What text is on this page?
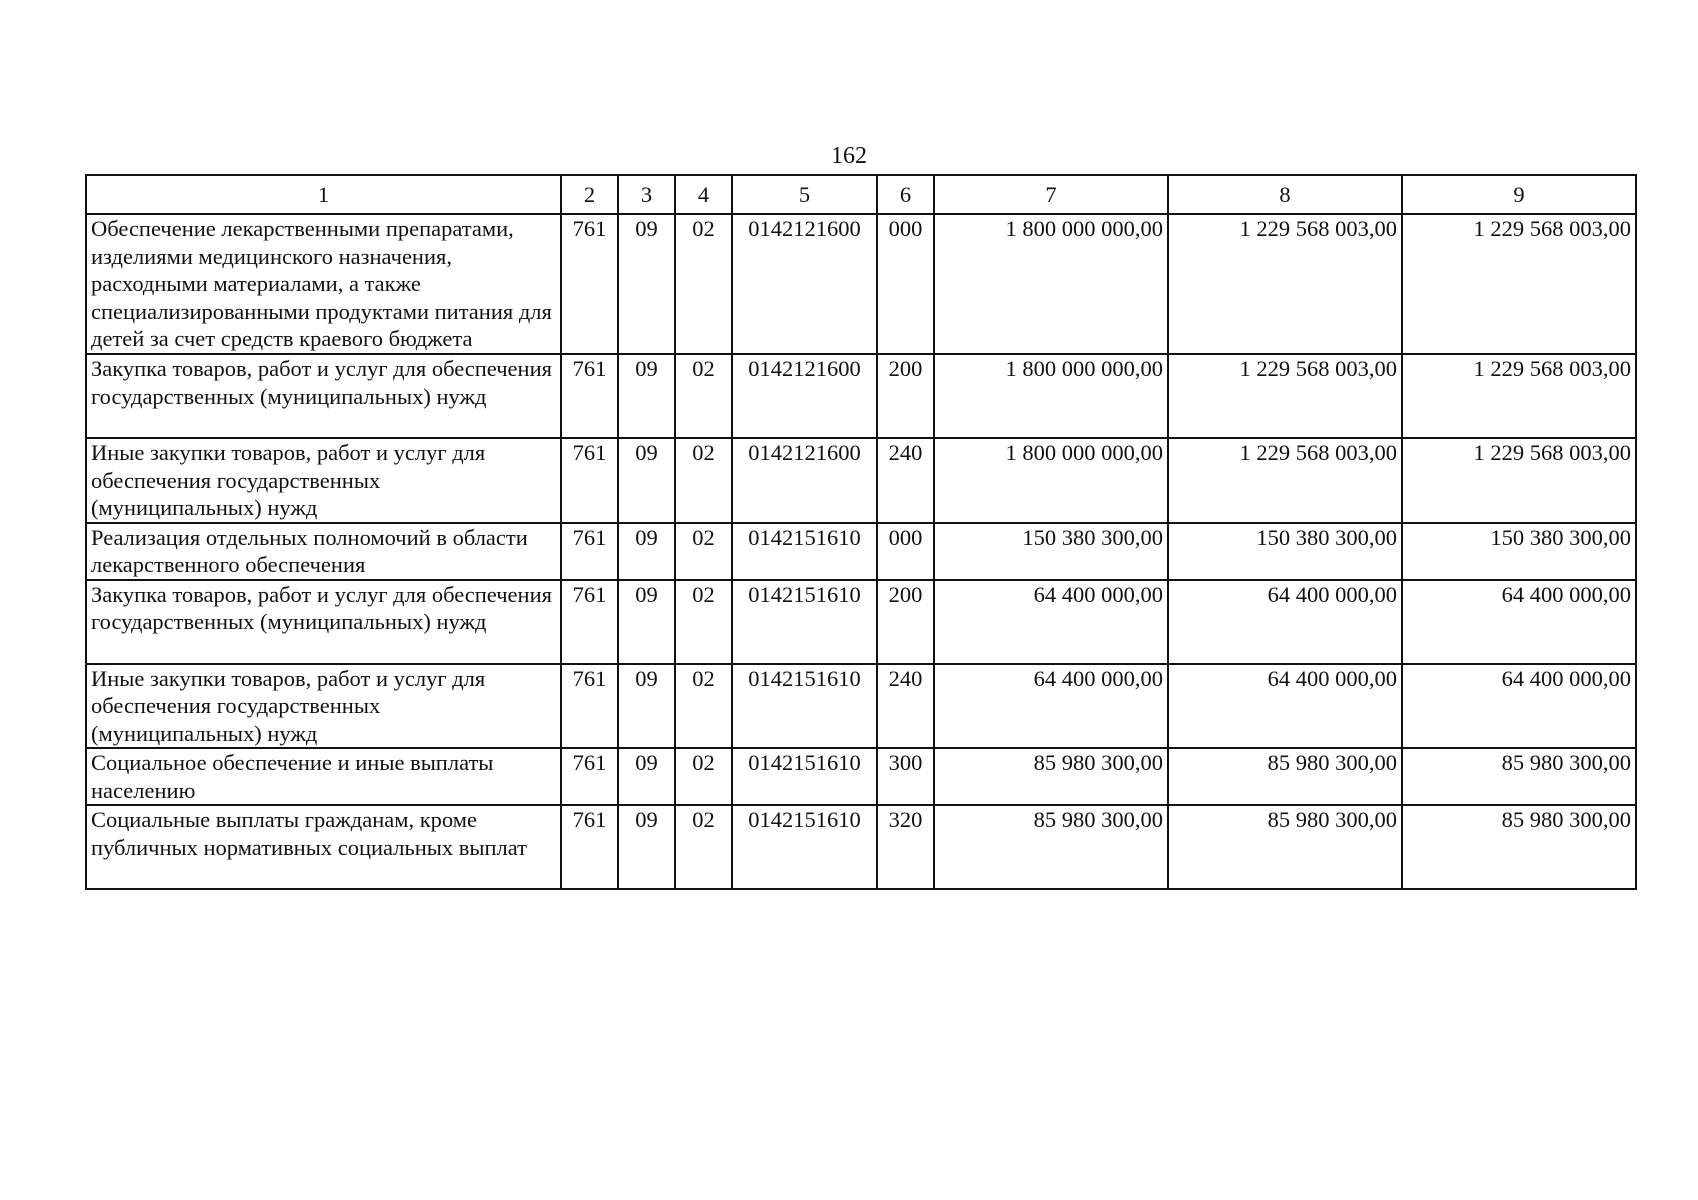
162
1	2	3	4	5	6	7	8	9
Обеспечение лекарственными препаратами, изделиями медицинского назначения, расходными материалами, а также специализированными продуктами питания для детей за счет средств краевого бюджета	761	09	02	0142121600	000	1 800 000 000,00	1 229 568 003,00	1 229 568 003,00
Закупка товаров, работ и услуг для обеспечения государственных (муниципальных) нужд	761	09	02	0142121600	200	1 800 000 000,00	1 229 568 003,00	1 229 568 003,00
Иные закупки товаров, работ и услуг для обеспечения государственных (муниципальных) нужд	761	09	02	0142121600	240	1 800 000 000,00	1 229 568 003,00	1 229 568 003,00
Реализация отдельных полномочий в области лекарственного обеспечения	761	09	02	0142151610	000	150 380 300,00	150 380 300,00	150 380 300,00
Закупка товаров, работ и услуг для обеспечения государственных (муниципальных) нужд	761	09	02	0142151610	200	64 400 000,00	64 400 000,00	64 400 000,00
Иные закупки товаров, работ и услуг для обеспечения государственных (муниципальных) нужд	761	09	02	0142151610	240	64 400 000,00	64 400 000,00	64 400 000,00
Социальное обеспечение и иные выплаты населению	761	09	02	0142151610	300	85 980 300,00	85 980 300,00	85 980 300,00
Социальные выплаты гражданам, кроме публичных нормативных социальных выплат	761	09	02	0142151610	320	85 980 300,00	85 980 300,00	85 980 300,00
